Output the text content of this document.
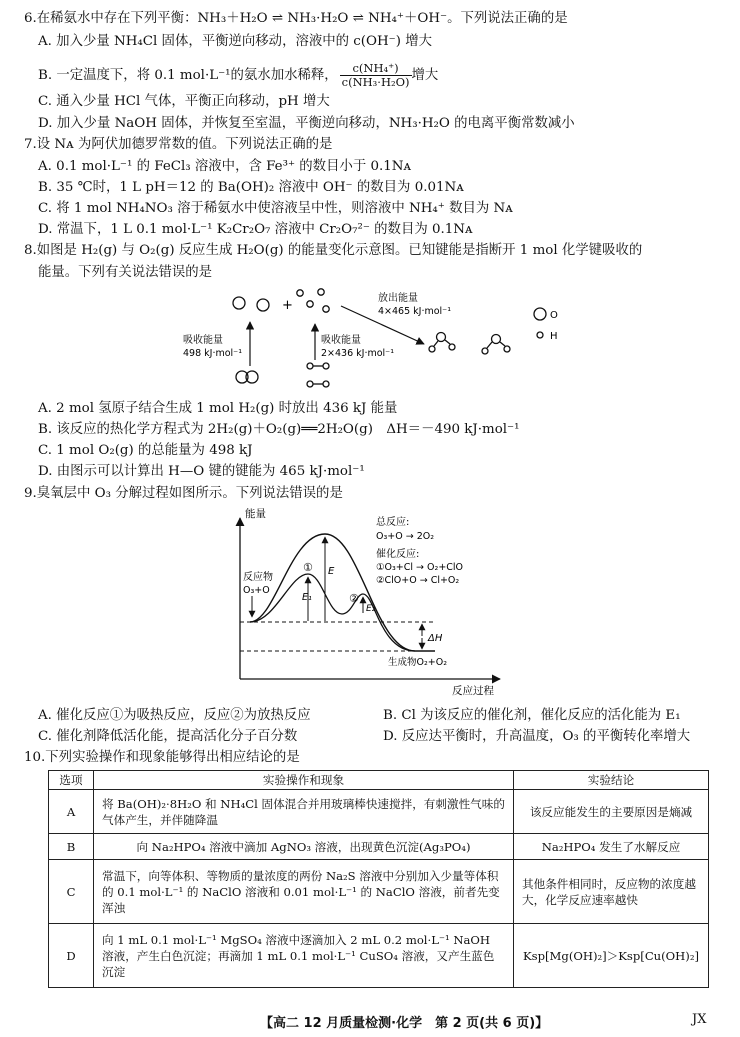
6.在稀氨水中存在下列平衡：NH₃＋H₂O ⇌ NH₃·H₂O ⇌ NH₄⁺＋OH⁻。下列说法正确的是
A. 加入少量 NH₄Cl 固体，平衡逆向移动，溶液中的 c(OH⁻) 增大
B. 一定温度下，将 0.1 mol·L⁻¹的氨水加水稀释， $\frac{\text{c(NH₄⁺)}}{\text{c(NH₃·H₂O)}}$ 增大
C. 通入少量 HCl 气体，平衡正向移动，pH 增大
D. 加入少量 NaOH 固体，并恢复至室温，平衡逆向移动，NH₃·H₂O 的电离平衡常数减小
7.设 Nᴀ 为阿伏加德罗常数的值。下列说法正确的是
A. 0.1 mol·L⁻¹ 的 FeCl₃ 溶液中，含 Fe³⁺ 的数目小于 0.1Nᴀ
B. 35 ℃时，1 L pH＝12 的 Ba(OH)₂ 溶液中 OH⁻ 的数目为 0.01Nᴀ
C. 将 1 mol NH₄NO₃ 溶于稀氨水中使溶液呈中性，则溶液中 NH₄⁺ 数目为 Nᴀ
D. 常温下，1 L 0.1 mol·L⁻¹ K₂Cr₂O₇ 溶液中 Cr₂O₇²⁻ 的数目为 0.1Nᴀ
8.如图是 H₂(g) 与 O₂(g) 反应生成 H₂O(g) 的能量变化示意图。已知键能是指断开 1 mol 化学键吸收的
能量。下列有关说法错误的是
+	放出能量
4×465 kJ·mol⁻¹
吸收能量
498 kJ·mol⁻¹
吸收能量
2×436 kJ·mol⁻¹
O
H
A. 2 mol 氢原子结合生成 1 mol H₂(g) 时放出 436 kJ 能量
B. 该反应的热化学方程式为 2H₂(g)＋O₂(g)══2H₂O(g)　ΔH＝－490 kJ·mol⁻¹
C. 1 mol O₂(g) 的总能量为 498 kJ
D. 由图示可以计算出 H—O 键的键能为 465 kJ·mol⁻¹
9.臭氧层中 O₃ 分解过程如图所示。下列说法错误的是
能量
反应过程
总反应:
O₃+O → 2O₂
催化反应:
①O₃+Cl → O₂+ClO
②ClO+O → Cl+O₂
反应物
O₃+O
生成物O₂+O₂
①
②
E
E₁
E₂
ΔH
A. 催化反应①为吸热反应，反应②为放热反应	B. Cl 为该反应的催化剂，催化反应的活化能为 E₁
C. 催化剂降低活化能，提高活化分子百分数	D. 反应达平衡时，升高温度，O₃ 的平衡转化率增大
10.下列实验操作和现象能够得出相应结论的是
选项	实验操作和现象	实验结论
A	将 Ba(OH)₂·8H₂O 和 NH₄Cl 固体混合并用玻璃棒快速搅拌，有刺激性气味的气体产生，并伴随降温	该反应能发生的主要原因是熵减
B	向 Na₂HPO₄ 溶液中滴加 AgNO₃ 溶液，出现黄色沉淀(Ag₃PO₄)	Na₂HPO₄ 发生了水解反应
C	常温下，向等体积、等物质的量浓度的两份 Na₂S 溶液中分别加入少量等体积的 0.1 mol·L⁻¹ 的 NaClO 溶液和 0.01 mol·L⁻¹ 的 NaClO 溶液，前者先变浑浊	其他条件相同时，反应物的浓度越大，化学反应速率越快
D	向 1 mL 0.1 mol·L⁻¹ MgSO₄ 溶液中逐滴加入 2 mL 0.2 mol·L⁻¹ NaOH 溶液，产生白色沉淀；再滴加 1 mL 0.1 mol·L⁻¹ CuSO₄ 溶液，又产生蓝色沉淀	Ksp[Mg(OH)₂]＞Ksp[Cu(OH)₂]
【高二 12 月质量检测·化学　第 2 页(共 6 页)】	JX
